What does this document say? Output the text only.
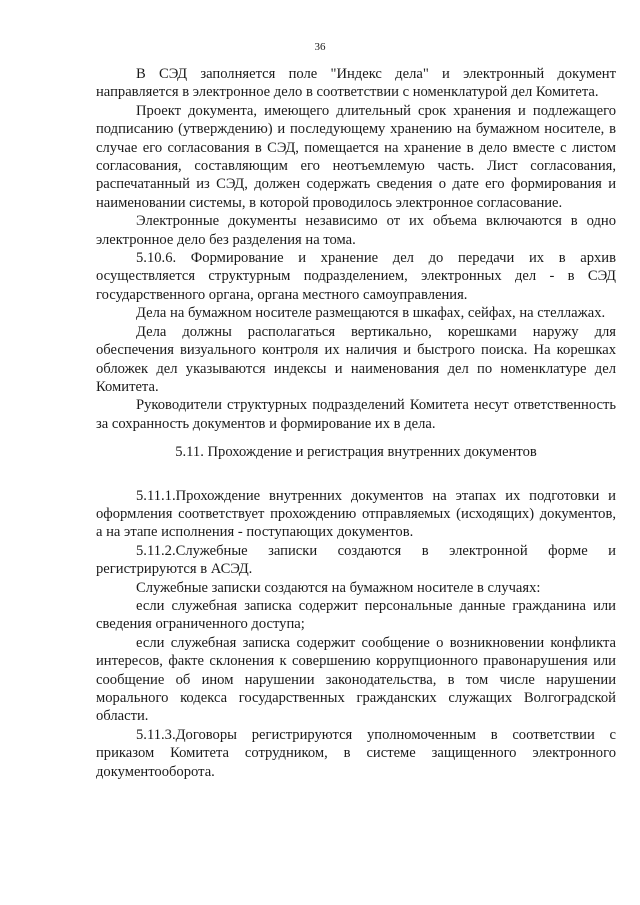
36

В СЭД заполняется поле "Индекс дела" и электронный документ направляется в электронное дело в соответствии с номенклатурой дел Комитета.

Проект документа, имеющего длительный срок хранения и подлежащего подписанию (утверждению) и последующему хранению на бумажном носителе, в случае его согласования в СЭД, помещается на хранение в дело вместе с листом согласования, составляющим его неотъемлемую часть. Лист согласования, распечатанный из СЭД, должен содержать сведения о дате его формирования и наименовании системы, в которой проводилось электронное согласование.

Электронные документы независимо от их объема включаются в одно электронное дело без разделения на тома.

5.10.6. Формирование и хранение дел до передачи их в архив осуществляется структурным подразделением, электронных дел - в СЭД государственного органа, органа местного самоуправления.

Дела на бумажном носителе размещаются в шкафах, сейфах, на стеллажах.

Дела должны располагаться вертикально, корешками наружу для обеспечения визуального контроля их наличия и быстрого поиска. На корешках обложек дел указываются индексы и наименования дел по номенклатуре дел Комитета.

Руководители структурных подразделений Комитета несут ответственность за сохранность документов и формирование их в дела.

5.11. Прохождение и регистрация внутренних документов

5.11.1.Прохождение внутренних документов на этапах их подготовки и оформления соответствует прохождению отправляемых (исходящих) документов, а на этапе исполнения - поступающих документов.

5.11.2.Служебные записки создаются в электронной форме и регистрируются в АСЭД.

Служебные записки создаются на бумажном носителе в случаях:

если служебная записка содержит персональные данные гражданина или сведения ограниченного доступа;

если служебная записка содержит сообщение о возникновении конфликта интересов, факте склонения к совершению коррупционного правонарушения или сообщение об ином нарушении законодательства, в том числе нарушении морального кодекса государственных гражданских служащих Волгоградской области.

5.11.3.Договоры регистрируются уполномоченным в соответствии с приказом Комитета сотрудником, в системе защищенного электронного документооборота.
